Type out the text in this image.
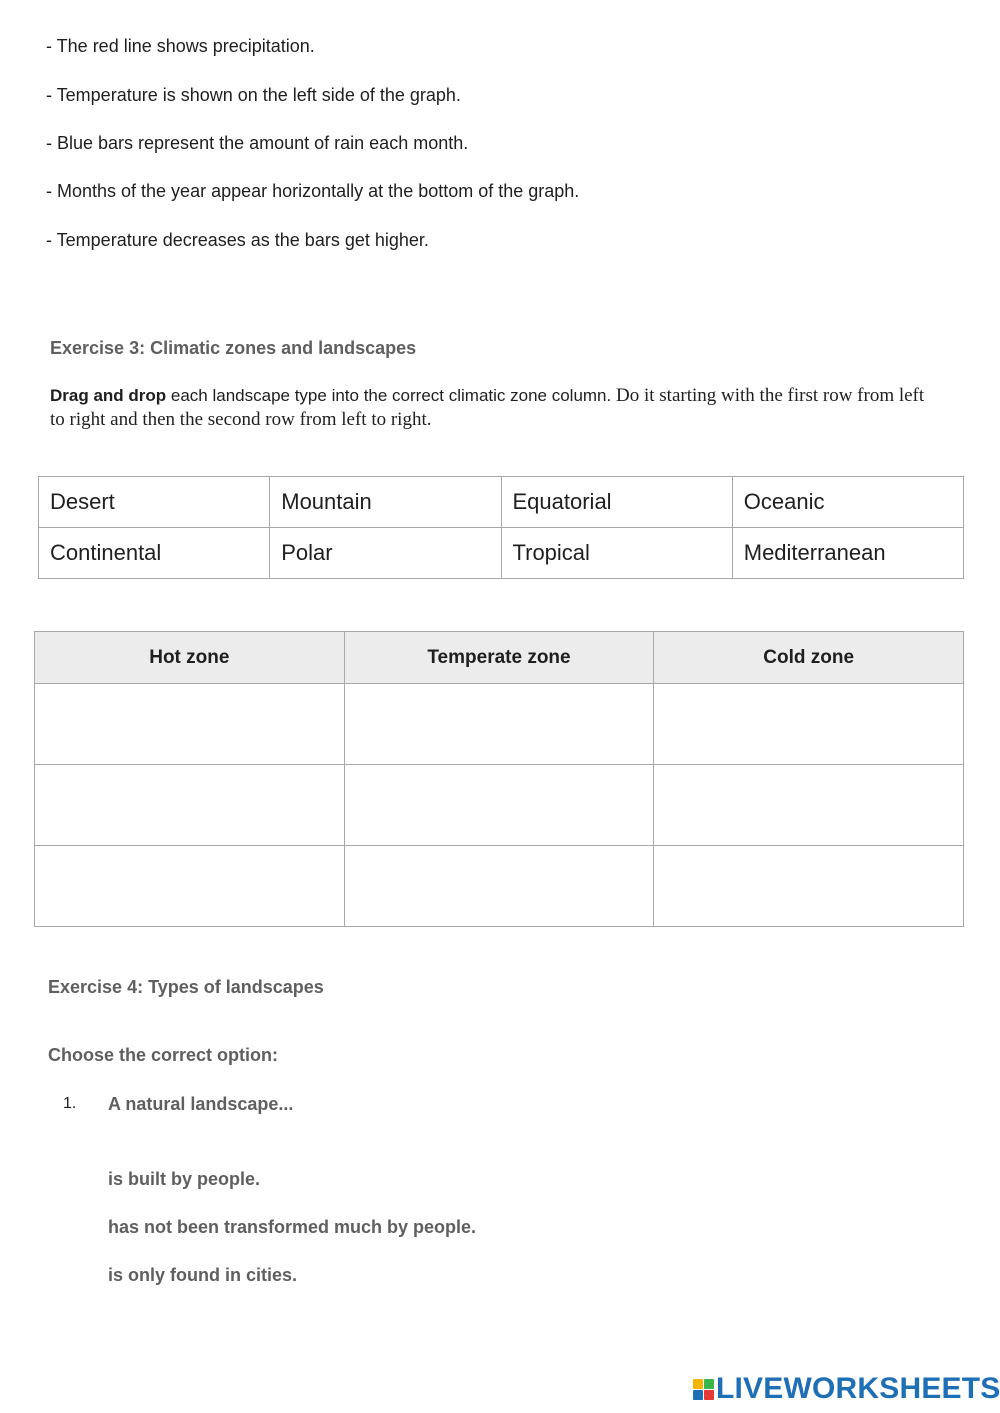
- The red line shows precipitation.
- Temperature is shown on the left side of the graph.
- Blue bars represent the amount of rain each month.
- Months of the year appear horizontally at the bottom of the graph.
- Temperature decreases as the bars get higher.
Exercise 3: Climatic zones and landscapes
Drag and drop each landscape type into the correct climatic zone column. Do it starting with the first row from left to right and then the second row from left to right.
Desert	Mountain	Equatorial	Oceanic
Continental	Polar	Tropical	Mediterranean
Hot zone	Temperate zone	Cold zone

Exercise 4: Types of landscapes
Choose the correct option:
1. A natural landscape...
is built by people.
has not been transformed much by people.
is only found in cities.
LIVEWORKSHEETS
